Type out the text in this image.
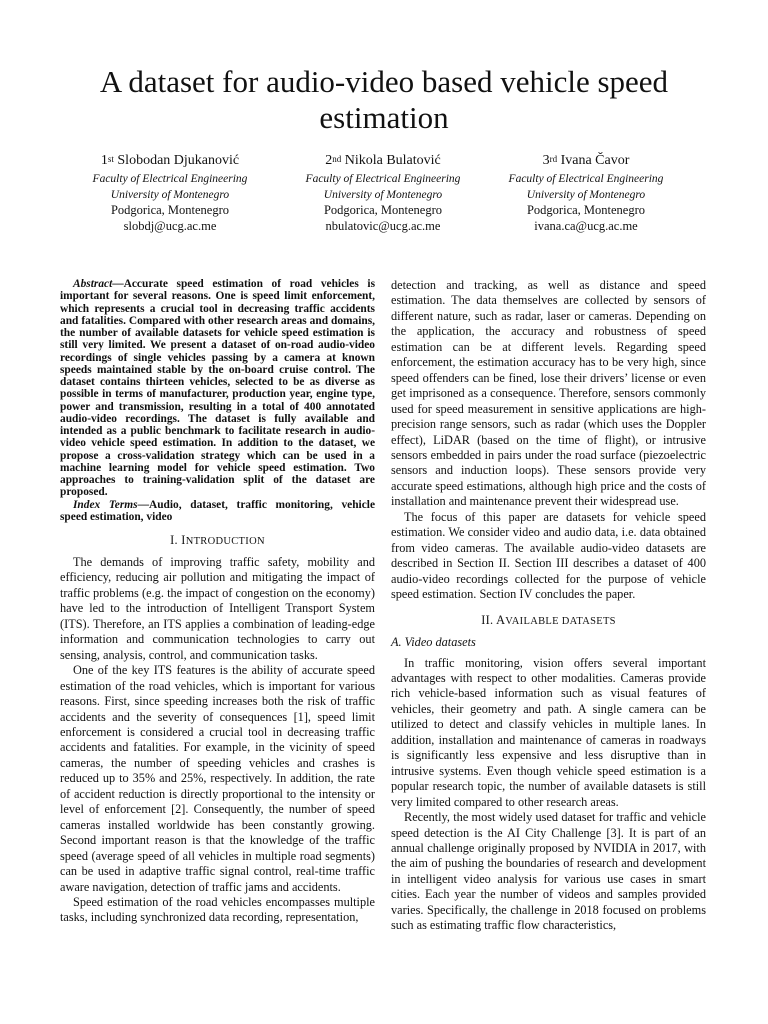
A dataset for audio-video based vehicle speed estimation
1st Slobodan Djukanović
Faculty of Electrical Engineering
University of Montenegro
Podgorica, Montenegro
slobdj@ucg.ac.me
2nd Nikola Bulatović
Faculty of Electrical Engineering
University of Montenegro
Podgorica, Montenegro
nbulatovic@ucg.ac.me
3rd Ivana Čavor
Faculty of Electrical Engineering
University of Montenegro
Podgorica, Montenegro
ivana.ca@ucg.ac.me

Abstract—Accurate speed estimation of road vehicles is important for several reasons. One is speed limit enforcement, which represents a crucial tool in decreasing traffic accidents and fatalities. Compared with other research areas and domains, the number of available datasets for vehicle speed estimation is still very limited. We present a dataset of on-road audio-video recordings of single vehicles passing by a camera at known speeds maintained stable by the on-board cruise control. The dataset contains thirteen vehicles, selected to be as diverse as possible in terms of manufacturer, production year, engine type, power and transmission, resulting in a total of 400 annotated audio-video recordings. The dataset is fully available and intended as a public benchmark to facilitate research in audio-video vehicle speed estimation. In addition to the dataset, we propose a cross-validation strategy which can be used in a machine learning model for vehicle speed estimation. Two approaches to training-validation split of the dataset are proposed.

Index Terms—Audio, dataset, traffic monitoring, vehicle speed estimation, video

I. INTRODUCTION

The demands of improving traffic safety, mobility and efficiency, reducing air pollution and mitigating the impact of traffic problems (e.g. the impact of congestion on the economy) have led to the introduction of Intelligent Transport System (ITS). Therefore, an ITS applies a combination of leading-edge information and communication technologies to carry out sensing, analysis, control, and communication tasks.

One of the key ITS features is the ability of accurate speed estimation of the road vehicles, which is important for various reasons. First, since speeding increases both the risk of traffic accidents and the severity of consequences [1], speed limit enforcement is considered a crucial tool in decreasing traffic accidents and fatalities. For example, in the vicinity of speed cameras, the number of speeding vehicles and crashes is reduced up to 35% and 25%, respectively. In addition, the rate of accident reduction is directly proportional to the intensity or level of enforcement [2]. Consequently, the number of speed cameras installed worldwide has been constantly growing. Second important reason is that the knowledge of the traffic speed (average speed of all vehicles in multiple road segments) can be used in adaptive traffic signal control, real-time traffic aware navigation, detection of traffic jams and accidents.

Speed estimation of the road vehicles encompasses multiple tasks, including synchronized data recording, representation,

detection and tracking, as well as distance and speed estimation. The data themselves are collected by sensors of different nature, such as radar, laser or cameras. Depending on the application, the accuracy and robustness of speed estimation can be at different levels. Regarding speed enforcement, the estimation accuracy has to be very high, since speed offenders can be fined, lose their drivers’ license or even get imprisoned as a consequence. Therefore, sensors commonly used for speed measurement in sensitive applications are high-precision range sensors, such as radar (which uses the Doppler effect), LiDAR (based on the time of flight), or intrusive sensors embedded in pairs under the road surface (piezoelectric sensors and induction loops). These sensors provide very accurate speed estimations, although high price and the costs of installation and maintenance prevent their widespread use.

The focus of this paper are datasets for vehicle speed estimation. We consider video and audio data, i.e. data obtained from video cameras. The available audio-video datasets are described in Section II. Section III describes a dataset of 400 audio-video recordings collected for the purpose of vehicle speed estimation. Section IV concludes the paper.

II. AVAILABLE DATASETS
A. Video datasets

In traffic monitoring, vision offers several important advantages with respect to other modalities. Cameras provide rich vehicle-based information such as visual features of vehicles, their geometry and path. A single camera can be utilized to detect and classify vehicles in multiple lanes. In addition, installation and maintenance of cameras in roadways is significantly less expensive and less disruptive than in intrusive systems. Even though vehicle speed estimation is a popular research topic, the number of available datasets is still very limited compared to other research areas.

Recently, the most widely used dataset for traffic and vehicle speed detection is the AI City Challenge [3]. It is part of an annual challenge originally proposed by NVIDIA in 2017, with the aim of pushing the boundaries of research and development in intelligent video analysis for various use cases in smart cities. Each year the number of videos and samples provided varies. Specifically, the challenge in 2018 focused on problems such as estimating traffic flow characteristics,
